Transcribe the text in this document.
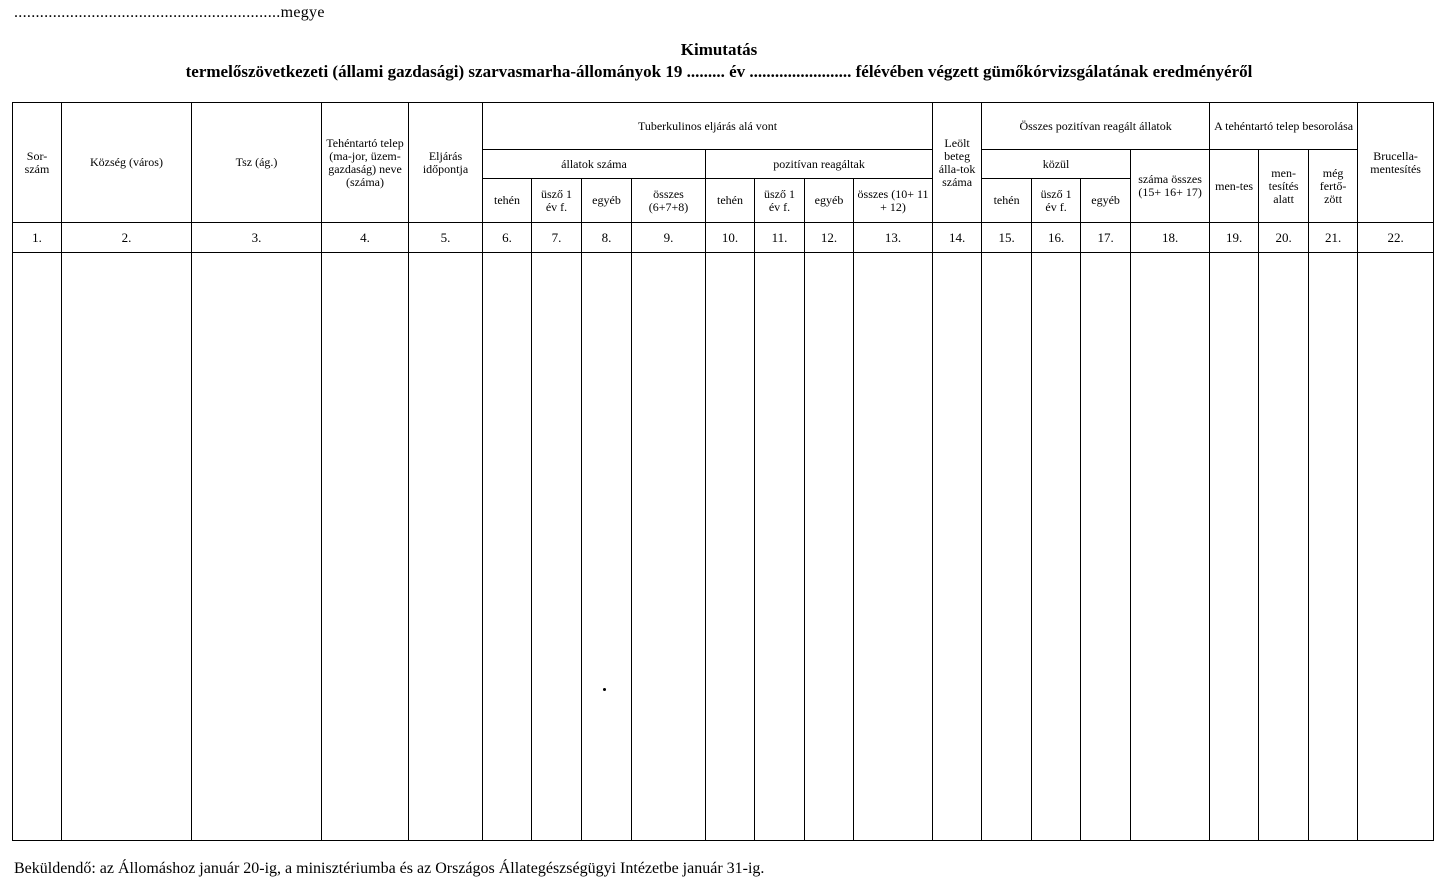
..............................................................megye
Kimutatás
termelőszövetkezeti (állami gazdasági) szarvasmarha-állományok 19 ......... év ........................ félévében végzett gümőkórvizsgálatának eredményéről
Sor-szám	Község (város)	Tsz (ág.)	Tehéntartó telep (ma-jor, üzem-gazdaság) neve (száma)	Eljárás időpontja	Tuberkulinos eljárás alá vont								Leölt beteg álla-tok száma	Összes pozitívan reagált állatok				A tehéntartó telep besorolása			Brucella-mentesítés
					állatok száma				pozitívan reagáltak					közül			száma összes (15+ 16+ 17)	men-tes	men-tesítés alatt	még fertő-zött	
					tehén	üsző 1 év f.	egyéb	összes (6+7+8)	tehén	üsző 1 év f.	egyéb	összes (10+ 11 + 12)		tehén	üsző 1 év f.	egyéb					
1.	2.	3.	4.	5.	6.	7.	8.	9.	10.	11.	12.	13.	14.	15.	16.	17.	18.	19.	20.	21.	22.

Beküldendő: az Állomáshoz január 20-ig, a minisztériumba és az Országos Állategészségügyi Intézetbe január 31-ig.
